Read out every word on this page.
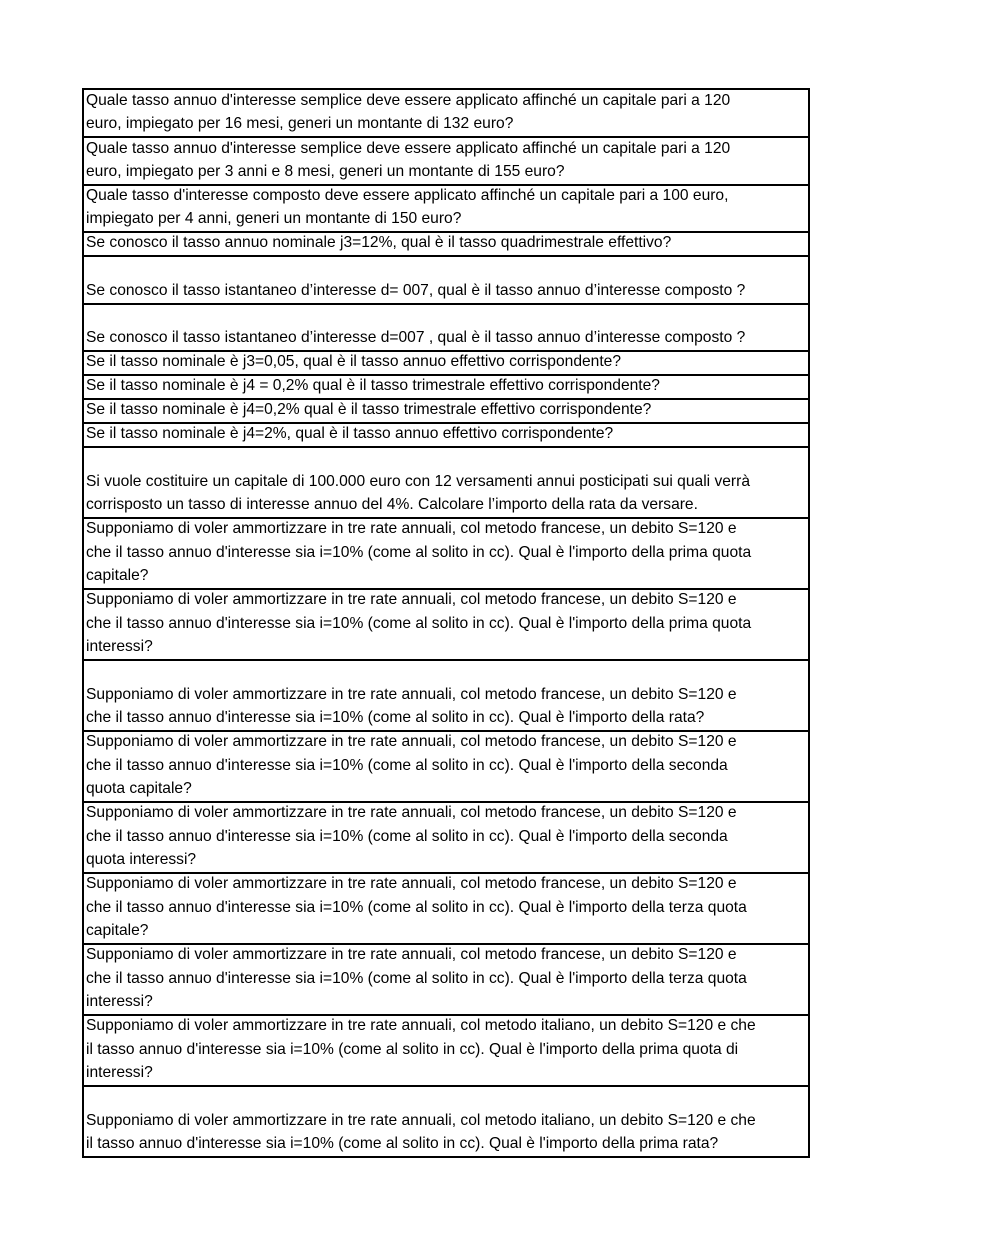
Quale tasso annuo d'interesse semplice deve essere applicato affinché un capitale pari a 120
euro, impiegato per 16 mesi, generi un montante di 132 euro?
Quale tasso annuo d'interesse semplice deve essere applicato affinché un capitale pari a 120
euro, impiegato per 3 anni e 8 mesi, generi un montante di 155 euro?
Quale tasso d'interesse composto deve essere applicato affinché un capitale pari a 100 euro,
impiegato per 4 anni, generi un montante di 150 euro?
Se conosco il tasso annuo nominale j3=12%, qual è il tasso quadrimestrale effettivo?
Se conosco il tasso istantaneo d’interesse d= 007, qual è il tasso annuo d’interesse composto ?
Se conosco il tasso istantaneo d’interesse d=007 , qual è il tasso annuo d’interesse composto ?
Se il tasso nominale è j3=0,05, qual è il tasso annuo effettivo corrispondente?
Se il tasso nominale è j4 = 0,2% qual è il tasso trimestrale effettivo corrispondente?
Se il tasso nominale è j4=0,2% qual è il tasso trimestrale effettivo corrispondente?
Se il tasso nominale è j4=2%, qual è il tasso annuo effettivo corrispondente?
Si vuole costituire un capitale di 100.000 euro con 12 versamenti annui posticipati sui quali verrà
corrisposto un tasso di interesse annuo del 4%. Calcolare l’importo della rata da versare.
Supponiamo di voler ammortizzare in tre rate annuali, col metodo francese, un debito S=120 e
che il tasso annuo d'interesse sia i=10% (come al solito in cc). Qual è l'importo della prima quota
capitale?
Supponiamo di voler ammortizzare in tre rate annuali, col metodo francese, un debito S=120 e
che il tasso annuo d'interesse sia i=10% (come al solito in cc). Qual è l'importo della prima quota
interessi?
Supponiamo di voler ammortizzare in tre rate annuali, col metodo francese, un debito S=120 e
che il tasso annuo d'interesse sia i=10% (come al solito in cc). Qual è l'importo della rata?
Supponiamo di voler ammortizzare in tre rate annuali, col metodo francese, un debito S=120 e
che il tasso annuo d'interesse sia i=10% (come al solito in cc). Qual è l'importo della seconda
quota capitale?
Supponiamo di voler ammortizzare in tre rate annuali, col metodo francese, un debito S=120 e
che il tasso annuo d'interesse sia i=10% (come al solito in cc). Qual è l'importo della seconda
quota interessi?
Supponiamo di voler ammortizzare in tre rate annuali, col metodo francese, un debito S=120 e
che il tasso annuo d'interesse sia i=10% (come al solito in cc). Qual è l'importo della terza quota
capitale?
Supponiamo di voler ammortizzare in tre rate annuali, col metodo francese, un debito S=120 e
che il tasso annuo d'interesse sia i=10% (come al solito in cc). Qual è l'importo della terza quota
interessi?
Supponiamo di voler ammortizzare in tre rate annuali, col metodo italiano, un debito S=120 e che
il tasso annuo d'interesse sia i=10% (come al solito in cc). Qual è l'importo della prima quota di
interessi?
Supponiamo di voler ammortizzare in tre rate annuali, col metodo italiano, un debito S=120 e che
il tasso annuo d'interesse sia i=10% (come al solito in cc). Qual è l'importo della prima rata?
